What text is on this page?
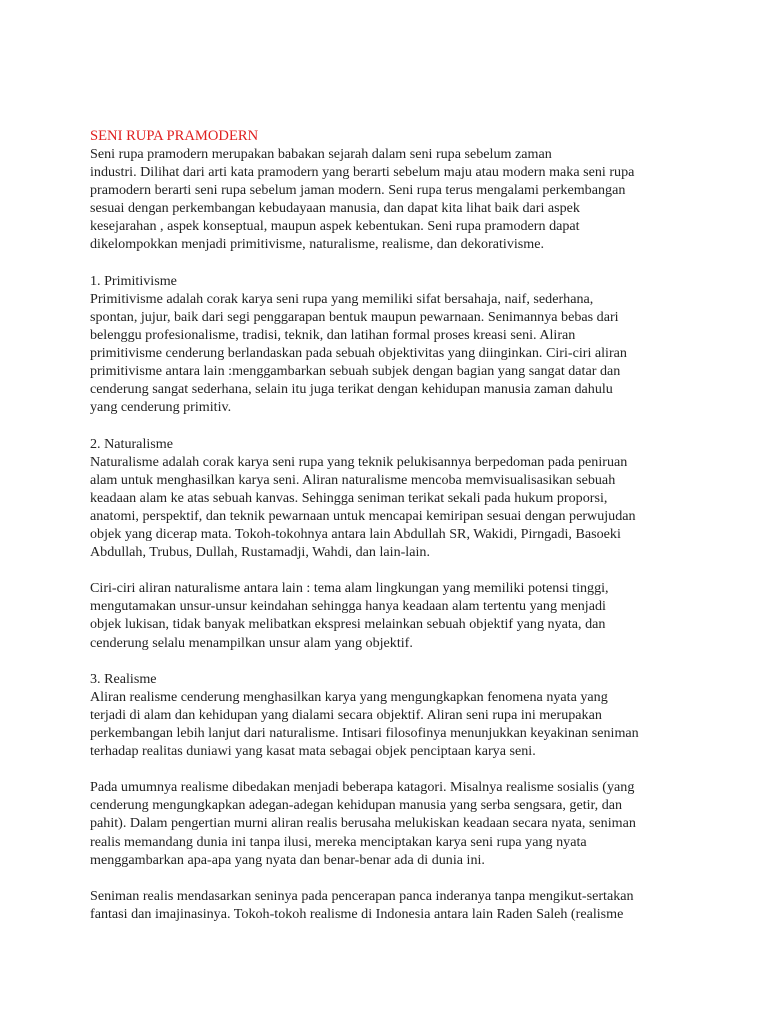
SENI RUPA PRAMODERN

Seni rupa pramodern merupakan babakan sejarah dalam seni rupa sebelum zaman

industri. Dilihat dari arti kata pramodern yang berarti sebelum maju atau modern maka seni rupa

pramodern berarti seni rupa sebelum jaman modern. Seni rupa terus mengalami perkembangan

sesuai dengan perkembangan kebudayaan manusia, dan dapat kita lihat baik dari aspek

kesejarahan , aspek konseptual, maupun aspek kebentukan. Seni rupa pramodern dapat

dikelompokkan menjadi primitivisme, naturalisme, realisme, dan dekorativisme.

1. Primitivisme

Primitivisme adalah corak karya seni rupa yang memiliki sifat bersahaja, naif, sederhana,

spontan, jujur, baik dari segi penggarapan bentuk maupun pewarnaan. Senimannya bebas dari

belenggu profesionalisme, tradisi, teknik, dan latihan formal proses kreasi seni. Aliran

primitivisme cenderung berlandaskan pada sebuah objektivitas yang diinginkan. Ciri-ciri aliran

primitivisme antara lain :menggambarkan sebuah subjek dengan bagian yang sangat datar dan

cenderung sangat sederhana, selain itu juga terikat dengan kehidupan manusia zaman dahulu

yang cenderung primitiv.

2. Naturalisme

Naturalisme adalah corak karya seni rupa yang teknik pelukisannya berpedoman pada peniruan

alam untuk menghasilkan karya seni. Aliran naturalisme mencoba memvisualisasikan sebuah

keadaan alam ke atas sebuah kanvas. Sehingga seniman terikat sekali pada hukum proporsi,

anatomi, perspektif, dan teknik pewarnaan untuk mencapai kemiripan sesuai dengan perwujudan

objek yang dicerap mata. Tokoh-tokohnya antara lain Abdullah SR, Wakidi, Pirngadi, Basoeki

Abdullah, Trubus, Dullah, Rustamadji, Wahdi, dan lain-lain.

Ciri-ciri aliran naturalisme antara lain : tema alam lingkungan yang memiliki potensi tinggi,

mengutamakan unsur-unsur keindahan sehingga hanya keadaan alam tertentu yang menjadi

objek lukisan, tidak banyak melibatkan ekspresi melainkan sebuah objektif yang nyata, dan

cenderung selalu menampilkan unsur alam yang objektif.

3. Realisme

Aliran realisme cenderung menghasilkan karya yang mengungkapkan fenomena nyata yang

terjadi di alam dan kehidupan yang dialami secara objektif. Aliran seni rupa ini merupakan

perkembangan lebih lanjut dari naturalisme. Intisari filosofinya menunjukkan keyakinan seniman

terhadap realitas duniawi yang kasat mata sebagai objek penciptaan karya seni.

Pada umumnya realisme dibedakan menjadi beberapa katagori. Misalnya realisme sosialis (yang

cenderung mengungkapkan adegan-adegan kehidupan manusia yang serba sengsara, getir, dan

pahit). Dalam pengertian murni aliran realis berusaha melukiskan keadaan secara nyata, seniman

realis memandang dunia ini tanpa ilusi, mereka menciptakan karya seni rupa yang nyata

menggambarkan apa-apa yang nyata dan benar-benar ada di dunia ini.

Seniman realis mendasarkan seninya pada pencerapan panca inderanya tanpa mengikut-sertakan

fantasi dan imajinasinya. Tokoh-tokoh realisme di Indonesia antara lain Raden Saleh (realisme
